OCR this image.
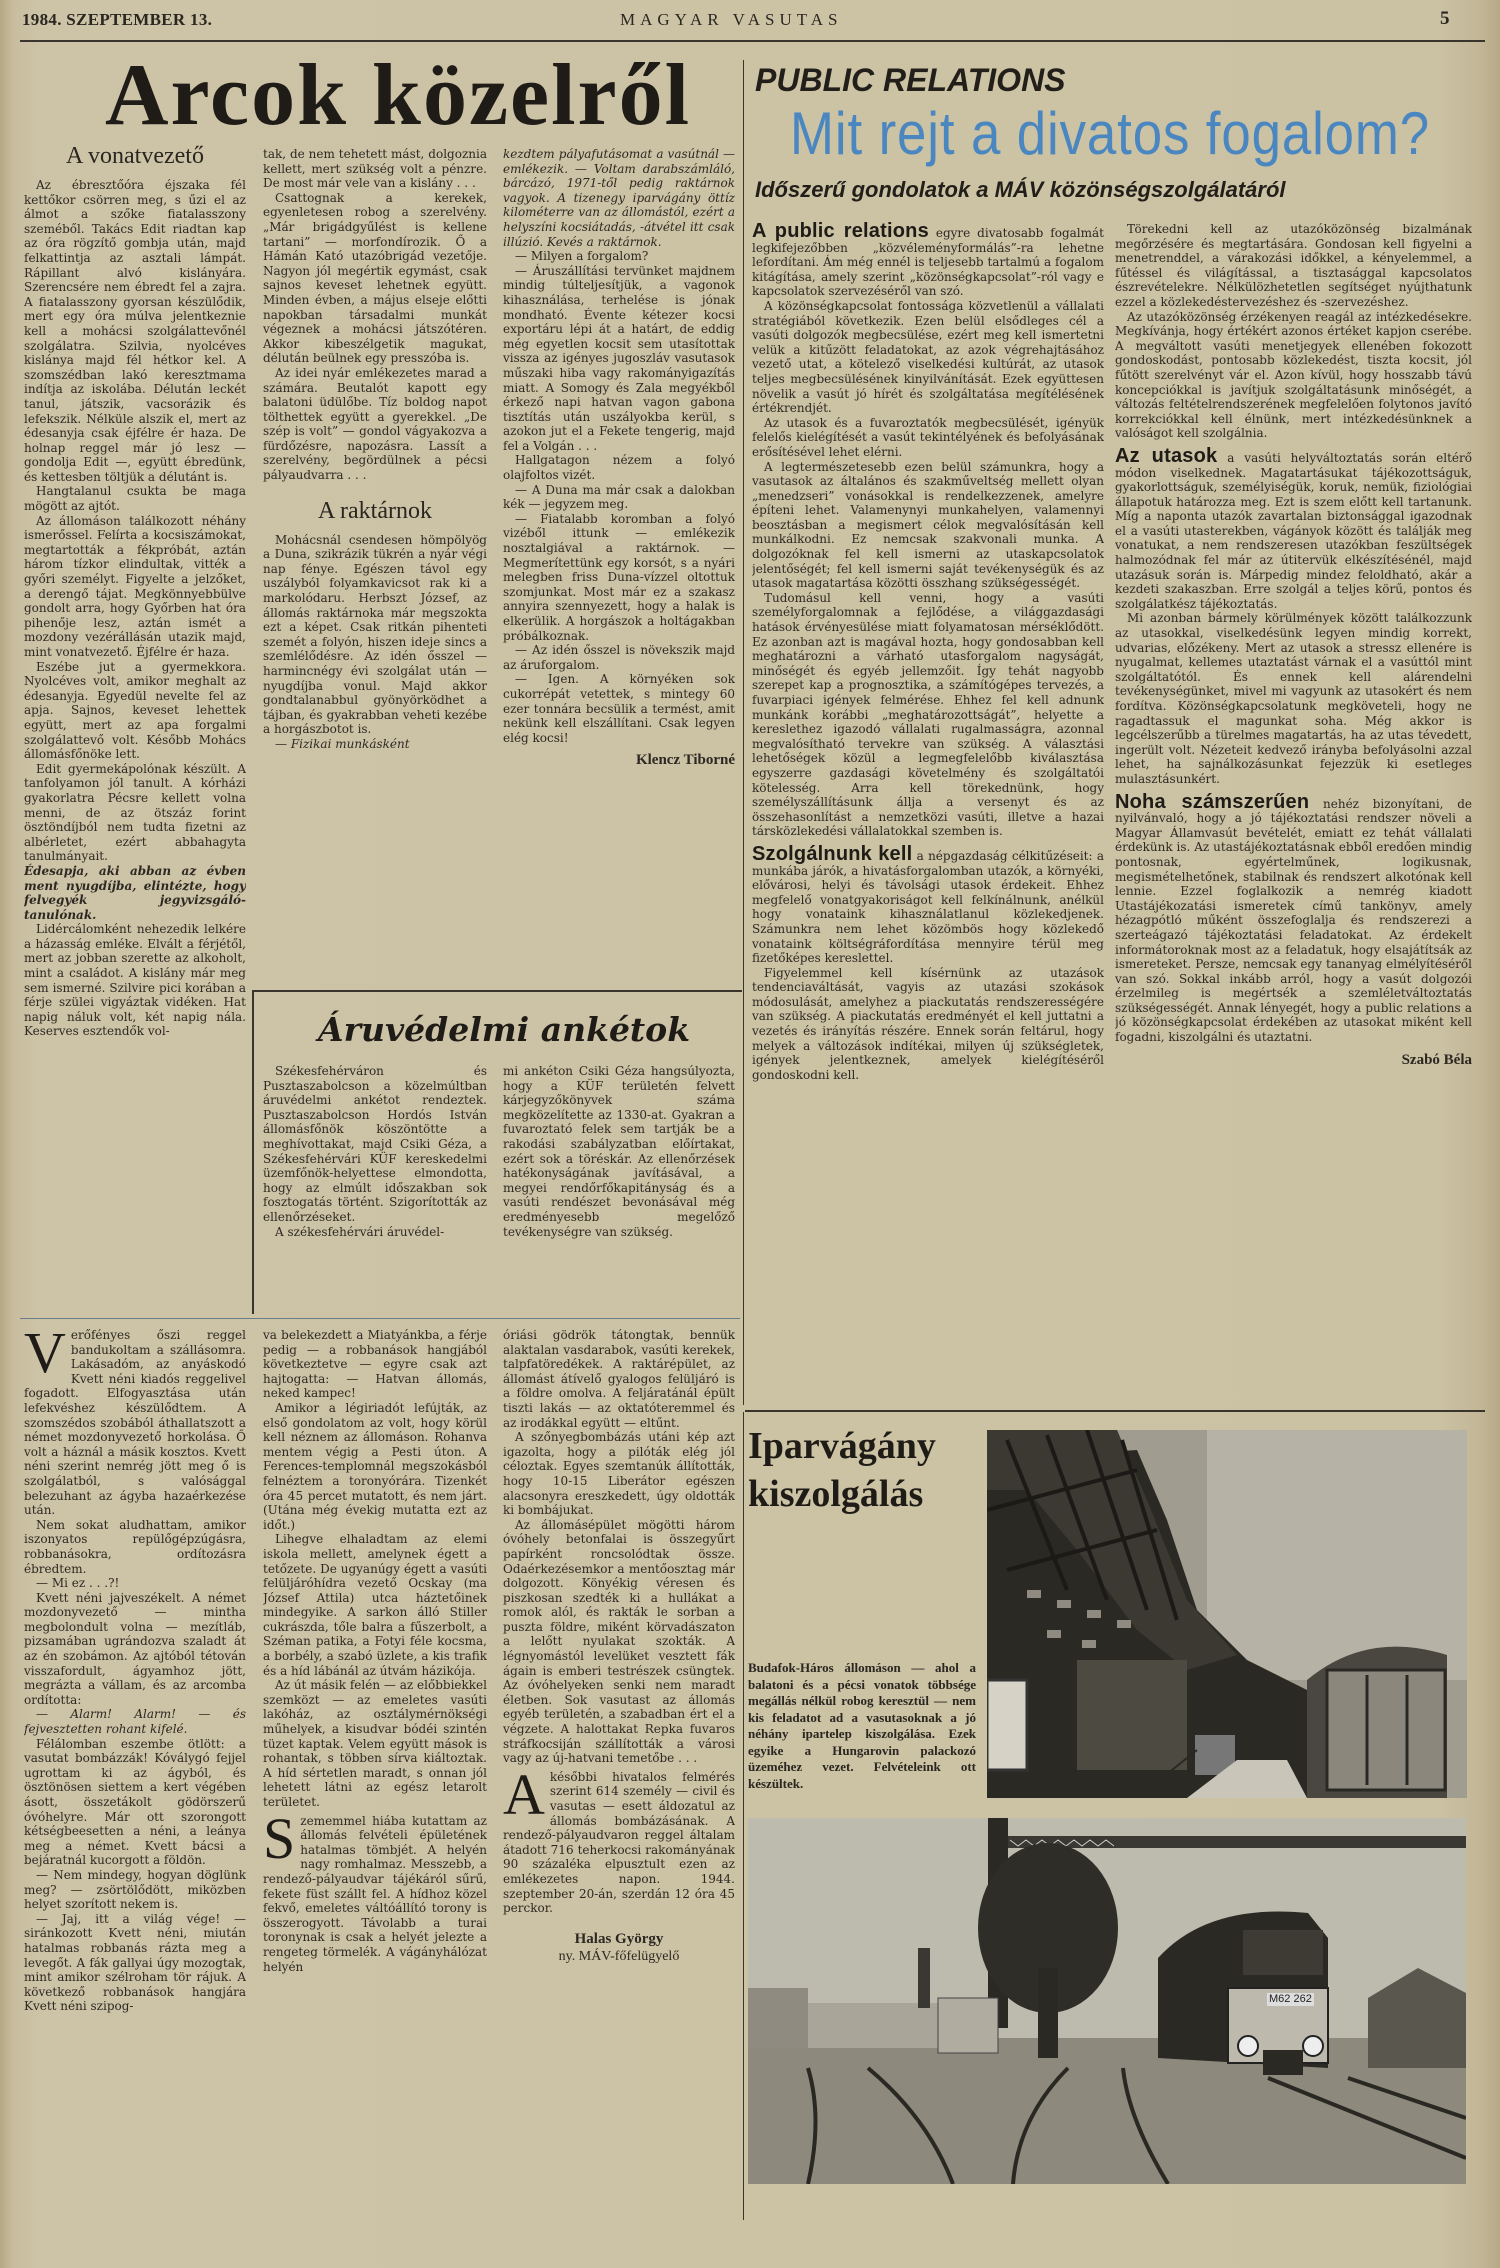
1984. SZEPTEMBER 13.	MAGYAR VASUTAS	5
Arcok közelről
A vonatvezető

Az ébresztőóra éjszaka fél kettőkor csörren meg, s űzi el az álmot a szőke fiatalasszony szeméből. Takács Edit riadtan kap az óra rögzítő gombja után, majd felkattintja az asztali lámpát. Rápillant alvó kislányára. Szerencsére nem ébredt fel a zajra. A fiatalasszony gyorsan készülődik, mert egy óra múlva jelentkeznie kell a mohácsi szolgálattevőnél szolgálatra. Szilvia, nyolcéves kislánya majd fél hétkor kel. A szomszédban lakó keresztmama indítja az iskolába. Délután leckét tanul, játszik, vacsorázik és lefekszik. Nélküle alszik el, mert az édesanyja csak éjfélre ér haza. De holnap reggel már jó lesz — gondolja Edit —, együtt ébredünk, és kettesben töltjük a délutánt is.

Hangtalanul csukta be maga mögött az ajtót.

Az állomáson találkozott néhány ismerőssel. Felírta a kocsiszámokat, megtartották a fékpróbát, aztán három tízkor elindultak, vitték a győri személyt. Figyelte a jelzőket, a derengő tájat. Megkönnyebbülve gondolt arra, hogy Győrben hat óra pihenője lesz, aztán ismét a mozdony vezérállásán utazik majd, mint vonatvezető. Éjfélre ér haza.

Eszébe jut a gyermekkora. Nyolcéves volt, amikor meghalt az édesanyja. Egyedül nevelte fel az apja. Sajnos, keveset lehettek együtt, mert az apa forgalmi szolgálattevő volt. Később Mohács állomásfőnöke lett.

Edit gyermekápolónak készült. A tanfolyamon jól tanult. A kórházi gyakorlatra Pécsre kellett volna menni, de az ötszáz forint ösztöndíjból nem tudta fizetni az albérletet, ezért abbahagyta tanulmányait.

Édesapja, aki abban az évben ment nyugdíjba, elintézte, hogy felvegyék jegyvizsgáló-tanulónak.

Lidércálomként nehezedik lelkére a házasság emléke. Elvált a férjétől, mert az jobban szerette az alkoholt, mint a családot. A kislány már meg sem ismerné. Szilvire pici korában a férje szülei vigyáztak vidéken. Hat napig náluk volt, két napig nála. Keserves esztendők vol-

tak, de nem tehetett mást, dolgoznia kellett, mert szükség volt a pénzre. De most már vele van a kislány . . .

Csattognak a kerekek, egyenletesen robog a szerelvény. „Már brigádgyűlést is kellene tartani” — morfondírozik. Ő a Hámán Kató utazóbrigád vezetője. Nagyon jól megértik egymást, csak sajnos keveset lehetnek együtt. Minden évben, a május elseje előtti napokban társadalmi munkát végeznek a mohácsi játszótéren. Akkor kibeszélgetik magukat, délután beülnek egy presszóba is.

Az idei nyár emlékezetes marad a számára. Beutalót kapott egy balatoni üdülőbe. Tíz boldog napot tölthettek együtt a gyerekkel. „De szép is volt” — gondol vágyakozva a fürdőzésre, napozásra. Lassít a szerelvény, begördülnek a pécsi pályaudvarra . . .

A raktárnok

Mohácsnál csendesen hömpölyög a Duna, szikrázik tükrén a nyár végi nap fénye. Egészen távol egy uszályból folyamkavicsot rak ki a markolódaru. Herbszt József, az állomás raktárnoka már megszokta ezt a képet. Csak ritkán pihenteti szemét a folyón, hiszen ideje sincs a szemlélődésre. Az idén ősszel — harmincnégy évi szolgálat után — nyugdíjba vonul. Majd akkor gondtalanabbul gyönyörködhet a tájban, és gyakrabban veheti kezébe a horgászbotot is.

— Fizikai munkásként

kezdtem pályafutásomat a vasútnál — emlékezik. — Voltam darabszámláló, bárcázó, 1971-től pedig raktárnok vagyok. A tizenegy iparvágány öttíz kilométerre van az állomástól, ezért a helyszíni kocsiátadás, -átvétel itt csak illúzió. Kevés a raktárnok.

— Milyen a forgalom?

— Áruszállítási tervünket majdnem mindig túlteljesítjük, a vagonok kihasználása, terhelése is jónak mondható. Évente kétezer kocsi exportáru lépi át a határt, de eddig még egyetlen kocsit sem utasítottak vissza az igényes jugoszláv vasutasok műszaki hiba vagy rakományigazítás miatt. A Somogy és Zala megyékből érkező napi hatvan vagon gabona tisztítás után uszályokba kerül, s azokon jut el a Fekete tengerig, majd fel a Volgán . . .

Hallgatagon nézem a folyó olajfoltos vizét.

— A Duna ma már csak a dalokban kék — jegyzem meg.

— Fiatalabb koromban a folyó vizéből ittunk — emlékezik nosztalgiával a raktárnok. — Megmerítettünk egy korsót, s a nyári melegben friss Duna-vízzel oltottuk szomjunkat. Most már ez a szakasz annyira szennyezett, hogy a halak is elkerülik. A horgászok a holtágakban próbálkoznak.

— Az idén ősszel is növekszik majd az áruforgalom.

— Igen. A környéken sok cukorrépát vetettek, s mintegy 60 ezer tonnára becsülik a termést, amit nekünk kell elszállítani. Csak legyen elég kocsi!

Klencz Tiborné
Áruvédelmi ankétok

Székesfehérváron és Pusztaszabolcson a közelmúltban áruvédelmi ankétot rendeztek. Pusztaszabolcson Hordós István állomásfőnök köszöntötte a meghívottakat, majd Csiki Géza, a Székesfehérvári KÜF kereskedelmi üzemfőnök-helyettese elmondotta, hogy az elmúlt időszakban sok fosztogatás történt. Szigorították az ellenőrzéseket.

A székesfehérvári áruvédel-

mi ankéton Csiki Géza hangsúlyozta, hogy a KÜF területén felvett kárjegyzőkönyvek száma megközelítette az 1330-at. Gyakran a fuvaroztató felek sem tartják be a rakodási szabályzatban előírtakat, ezért sok a töréskár. Az ellenőrzések hatékonyságának javításával, a megyei rendőrfőkapitányság és a vasúti rendészet bevonásával még eredményesebb megelőző tevékenységre van szükség.

Verőfényes őszi reggel bandukoltam a szállásomra. Lakásadóm, az anyáskodó Kvett néni kiadós reggelivel fogadott. Elfogyasztása után lefekvéshez készülődtem. A szomszédos szobából áthallatszott a német mozdonyvezető horkolása. Ő volt a háznál a másik kosztos. Kvett néni szerint nemrég jött meg ő is szolgálatból, s valósággal belezuhant az ágyba hazaérkezése után.

Nem sokat aludhattam, amikor iszonyatos repülőgépzúgásra, robbanásokra, ordítozásra ébredtem.

— Mi ez . . .?!

Kvett néni jajveszékelt. A német mozdonyvezető — mintha megbolondult volna — mezítláb, pizsamában ugrándozva szaladt át az én szobámon. Az ajtóból tétován visszafordult, ágyamhoz jött, megrázta a vállam, és az arcomba ordította:

— Alarm! Alarm! — és fejvesztetten rohant kifelé.

Félálomban eszembe ötlött: a vasutat bombázzák! Kóválygó fejjel ugrottam ki az ágyból, és ösztönösen siettem a kert végében ásott, összetákolt gödörszerű óvóhelyre. Már ott szorongott kétségbeesetten a néni, a leánya meg a német. Kvett bácsi a bejáratnál kucorgott a földön.

— Nem mindegy, hogyan döglünk meg? — zsörtölődött, miközben helyet szorított nekem is.

— Jaj, itt a világ vége! — siránkozott Kvett néni, miután hatalmas robbanás rázta meg a levegőt. A fák gallyai úgy mozogtak, mint amikor szélroham tör rájuk. A következő robbanások hangjára Kvett néni szipog-

va belekezdett a Miatyánkba, a férje pedig — a robbanások hangjából következtetve — egyre csak azt hajtogatta: — Hatvan állomás, neked kampec!

Amikor a légiriadót lefújták, az első gondolatom az volt, hogy körül kell néznem az állomáson. Rohanva mentem végig a Pesti úton. A Ferences-templomnál megszokásból felnéztem a toronyórára. Tizenkét óra 45 percet mutatott, és nem járt. (Utána még évekig mutatta ezt az időt.)

Lihegve elhaladtam az elemi iskola mellett, amelynek égett a tetőzete. De ugyanúgy égett a vasúti felüljáróhídra vezető Ocskay (ma József Attila) utca háztetőinek mindegyike. A sarkon álló Stiller cukrászda, tőle balra a fűszerbolt, a Széman patika, a Fotyi féle kocsma, a borbély, a szabó üzlete, a kis trafik és a híd lábánál az útvám házikója.

Az út másik felén — az előbbiekkel szemközt — az emeletes vasúti lakóház, az osztálymérnökségi műhelyek, a kisudvar bódéi szintén tüzet kaptak. Velem együtt mások is rohantak, s többen sírva kiáltoztak. A híd sértetlen maradt, s onnan jól lehetett látni az egész letarolt területet.

Szememmel hiába kutattam az állomás felvételi épületének hatalmas tömbjét. A helyén nagy romhalmaz. Messzebb, a rendező-pályaudvar tájékáról sűrű, fekete füst szállt fel. A hídhoz közel fekvő, emeletes váltóállító torony is összerogyott. Távolabb a turai toronynak is csak a helyét jelezte a rengeteg törmelék. A vágányhálózat helyén

óriási gödrök tátongtak, bennük alaktalan vasdarabok, vasúti kerekek, talpfatöredékek. A raktárépület, az állomást átívelő gyalogos felüljáró is a földre omolva. A feljáratánál épült tiszti lakás — az oktatóteremmel és az irodákkal együtt — eltűnt.

A szőnyegbombázás utáni kép azt igazolta, hogy a pilóták elég jól céloztak. Egyes szemtanúk állították, hogy 10-15 Liberátor egészen alacsonyra ereszkedett, úgy oldották ki bombájukat.

Az állomásépület mögötti három óvóhely betonfalai is összegyűrt papírként roncsolódtak össze. Odaérkezésemkor a mentőosztag már dolgozott. Könyékig véresen és piszkosan szedték ki a hullákat a romok alól, és rakták le sorban a puszta földre, miként körvadászaton a lelőtt nyulakat szokták. A légnyomástól levelüket vesztett fák ágain is emberi testrészek csüngtek. Az óvóhelyeken senki nem maradt életben. Sok vasutast az állomás egyéb területén, a szabadban ért el a végzete. A halottakat Repka fuvaros stráfkocsiján szállították a városi vagy az új-hatvani temetőbe . . .

Akésőbbi hivatalos felmérés szerint 614 személy — civil és vasutas — esett áldozatul az állomás bombázásának. A rendező-pályaudvaron reggel általam átadott 716 teherkocsi rakományának 90 százaléka elpusztult ezen az emlékezetes napon. 1944. szeptember 20-án, szerdán 12 óra 45 perckor.

Halas György
ny. MÁV-főfelügyelő
PUBLIC RELATIONS
Mit rejt a divatos fogalom?
Időszerű gondolatok a MÁV közönségszolgálatáról

A public relations egyre divatosabb fogalmát legkifejezőbben „közvéleményformálás”-ra lehetne lefordítani. Ám még ennél is teljesebb tartalmú a fogalom kitágítása, amely szerint „közönségkapcsolat”-ról vagy e kapcsolatok szervezéséről van szó.

A közönségkapcsolat fontossága közvetlenül a vállalati stratégiából következik. Ezen belül elsődleges cél a vasúti dolgozók megbecsülése, ezért meg kell ismertetni velük a kitűzött feladatokat, az azok végrehajtásához vezető utat, a kötelező viselkedési kultúrát, az utasok teljes megbecsülésének kinyilvánítását. Ezek együttesen növelik a vasút jó hírét és szolgáltatása megítélésének értékrendjét.

Az utasok és a fuvaroztatók megbecsülését, igényük felelős kielégítését a vasút tekintélyének és befolyásának erősítésével lehet elérni.

A legtermészetesebb ezen belül számunkra, hogy a vasutasok az általános és szakműveltség mellett olyan „menedzseri” vonásokkal is rendelkezzenek, amelyre építeni lehet. Valamenynyi munkahelyen, valamennyi beosztásban a megismert célok megvalósításán kell munkálkodni. Ez nemcsak szakvonali munka. A dolgozóknak fel kell ismerni az utaskapcsolatok jelentőségét; fel kell ismerni saját tevékenységük és az utasok magatartása közötti összhang szükségességét.

Tudomásul kell venni, hogy a vasúti személyforgalomnak a fejlődése, a világgazdasági hatások érvényesülése miatt folyamatosan mérséklődött. Ez azonban azt is magával hozta, hogy gondosabban kell meghatározni a várható utasforgalom nagyságát, minőségét és egyéb jellemzőit. Így tehát nagyobb szerepet kap a prognosztika, a számítógépes tervezés, a fuvarpiaci igények felmérése. Ehhez fel kell adnunk munkánk korábbi „meghatározottságát”, helyette a kereslethez igazodó vállalati rugalmasságra, azonnal megvalósítható tervekre van szükség. A választási lehetőségek közül a legmegfelelőbb kiválasztása egyszerre gazdasági követelmény és szolgáltatói kötelesség. Arra kell törekednünk, hogy személyszállításunk állja a versenyt és az összehasonlítást a nemzetközi vasúti, illetve a hazai társközlekedési vállalatokkal szemben is.

Szolgálnunk kell a népgazdaság célkitűzéseit: a munkába járók, a hivatásforgalomban utazók, a környéki, elővárosi, helyi és távolsági utasok érdekeit. Ehhez megfelelő vonatgyakoriságot kell felkínálnunk, anélkül hogy vonataink kihasználatlanul közlekedjenek. Számunkra nem lehet közömbös hogy közlekedő vonataink költségráfordítása mennyire térül meg fizetőképes kereslettel.

Figyelemmel kell kísérnünk az utazások tendenciaváltását, vagyis az utazási szokások módosulását, amelyhez a piackutatás rendszerességére van szükség. A piackutatás eredményét el kell juttatni a vezetés és irányítás részére. Ennek során feltárul, hogy melyek a változások indítékai, milyen új szükségletek, igények jelentkeznek, amelyek kielégítéséről gondoskodni kell.

Törekedni kell az utazóközönség bizalmának megőrzésére és megtartására. Gondosan kell figyelni a menetrenddel, a várakozási időkkel, a kényelemmel, a fűtéssel és világítással, a tisztasággal kapcsolatos észrevételekre. Nélkülözhetetlen segítséget nyújthatunk ezzel a közlekedéstervezéshez és -szervezéshez.

Az utazóközönség érzékenyen reagál az intézkedésekre. Megkívánja, hogy értékért azonos értéket kapjon cserébe. A megváltott vasúti menetjegyek ellenében fokozott gondoskodást, pontosabb közlekedést, tiszta kocsit, jól fűtött szerelvényt vár el. Azon kívül, hogy hosszabb távú koncepciókkal is javítjuk szolgáltatásunk minőségét, a változás feltételrendszerének megfelelően folytonos javító korrekciókkal kell élnünk, mert intézkedésünknek a valóságot kell szolgálnia.

Az utasok a vasúti helyváltoztatás során eltérő módon viselkednek. Magatartásukat tájékozottságuk, gyakorlottságuk, személyiségük, koruk, nemük, fiziológiai állapotuk határozza meg. Ezt is szem előtt kell tartanunk. Míg a naponta utazók zavartalan biztonsággal igazodnak el a vasúti utasterekben, vágányok között és találják meg vonatukat, a nem rendszeresen utazókban feszültségek halmozódnak fel már az útitervük elkészítésénél, majd utazásuk során is. Márpedig mindez feloldható, akár a kezdeti szakaszban. Erre szolgál a teljes körű, pontos és szolgálatkész tájékoztatás.

Mi azonban bármely körülmények között találkozzunk az utasokkal, viselkedésünk legyen mindig korrekt, udvarias, előzékeny. Mert az utasok a stressz ellenére is nyugalmat, kellemes utaztatást várnak el a vasúttól mint szolgáltatótól. És ennek kell alárendelni tevékenységünket, mivel mi vagyunk az utasokért és nem fordítva. Közönségkapcsolatunk megköveteli, hogy ne ragadtassuk el magunkat soha. Még akkor is legcélszerűbb a türelmes magatartás, ha az utas tévedett, ingerült volt. Nézeteit kedvező irányba befolyásolni azzal lehet, ha sajnálkozásunkat fejezzük ki esetleges mulasztásunkért.

Noha számszerűen nehéz bizonyítani, de nyilvánvaló, hogy a jó tájékoztatási rendszer növeli a Magyar Államvasút bevételét, emiatt ez tehát vállalati érdekünk is. Az utastájékoztatásnak ebből eredően mindig pontosnak, egyértelműnek, logikusnak, megismételhetőnek, stabilnak és rendszert alkotónak kell lennie. Ezzel foglalkozik a nemrég kiadott Utastájékozatási ismeretek című tankönyv, amely hézagpótló műként összefoglalja és rendszerezi a szerteágazó tájékoztatási feladatokat. Az érdekelt informátoroknak most az a feladatuk, hogy elsajátítsák az ismereteket. Persze, nemcsak egy tananyag elmélyítéséről van szó. Sokkal inkább arról, hogy a vasút dolgozói érzelmileg is megértsék a szemléletváltoztatás szükségességét. Annak lényegét, hogy a public relations a jó közönségkapcsolat érdekében az utasokat miként kell fogadni, kiszolgálni és utaztatni.

Szabó Béla
Iparvágány
kiszolgálás
Budafok-Háros állomáson — ahol a balatoni és a pécsi vonatok többsége megállás nélkül robog keresztül — nem kis feladatot ad a vasutasoknak a jó néhány ipartelep kiszolgálása. Ezek egyike a Hungarovin palackozó üzeméhez vezet. Felvételeink ott készültek.
M62 262
